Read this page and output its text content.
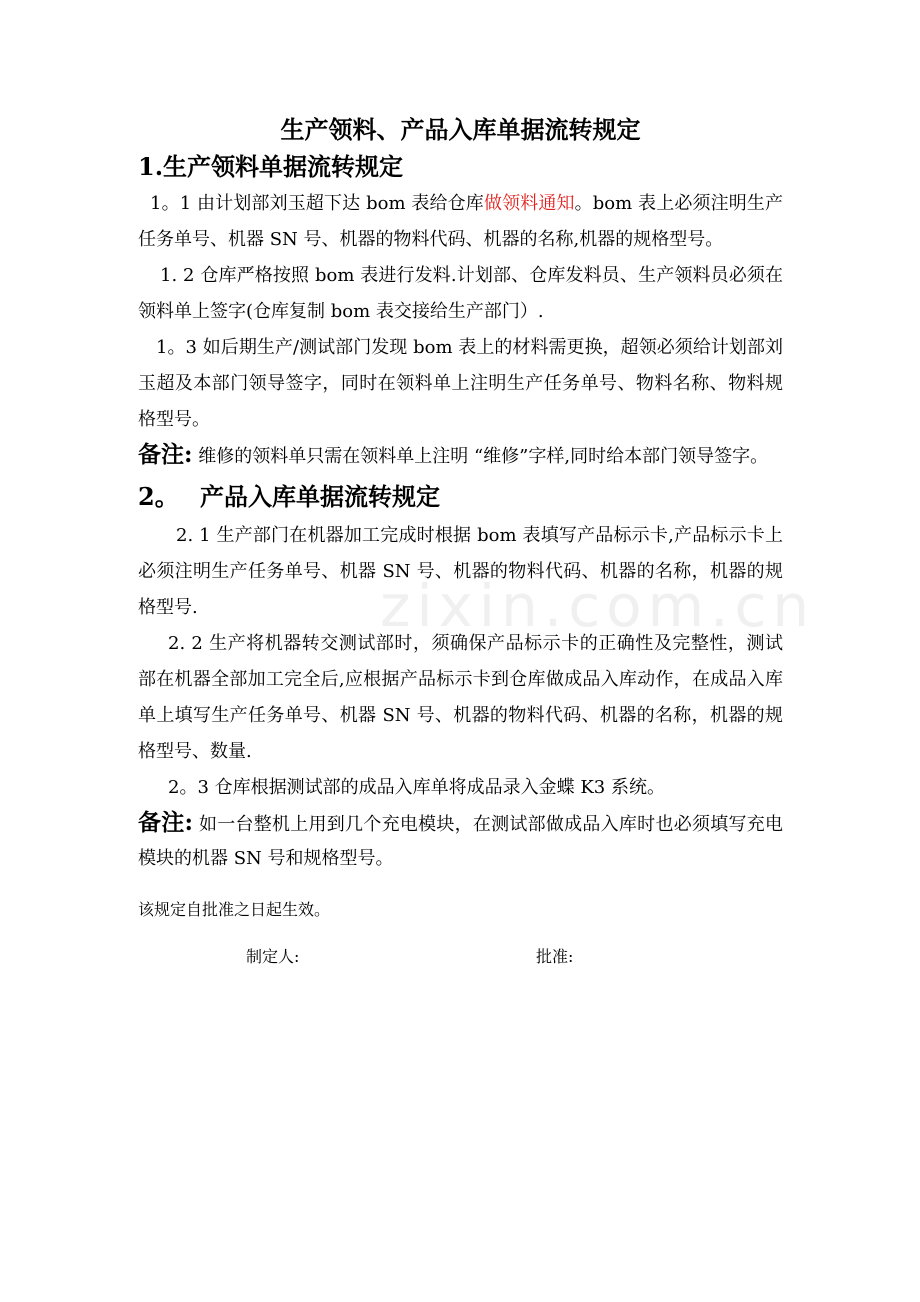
zixin.com.cn
生产领料、产品入库单据流转规定
1.生产领料单据流转规定

1。1 由计划部刘玉超下达 bom 表给仓库做领料通知。bom 表上必须注明生产任务单号、机器 SN 号、机器的物料代码、机器的名称,机器的规格型号。

1. 2 仓库严格按照 bom 表进行发料.计划部、仓库发料员、生产领料员必须在领料单上签字(仓库复制 bom 表交接给生产部门）.

1。3 如后期生产/测试部门发现 bom 表上的材料需更换，超领必须给计划部刘玉超及本部门领导签字，同时在领料单上注明生产任务单号、物料名称、物料规格型号。

备注: 维修的领料单只需在领料单上注明 “维修”字样,同时给本部门领导签字。

2。 产品入库单据流转规定

2. 1 生产部门在机器加工完成时根据 bom 表填写产品标示卡,产品标示卡上必须注明生产任务单号、机器 SN 号、机器的物料代码、机器的名称，机器的规格型号.

2. 2 生产将机器转交测试部时，须确保产品标示卡的正确性及完整性，测试部在机器全部加工完全后,应根据产品标示卡到仓库做成品入库动作，在成品入库单上填写生产任务单号、机器 SN 号、机器的物料代码、机器的名称，机器的规格型号、数量.

2。3 仓库根据测试部的成品入库单将成品录入金蝶 K3 系统。

备注: 如一台整机上用到几个充电模块，在测试部做成品入库时也必须填写充电模块的机器 SN 号和规格型号。

该规定自批准之日起生效。

制定人:	批准:
